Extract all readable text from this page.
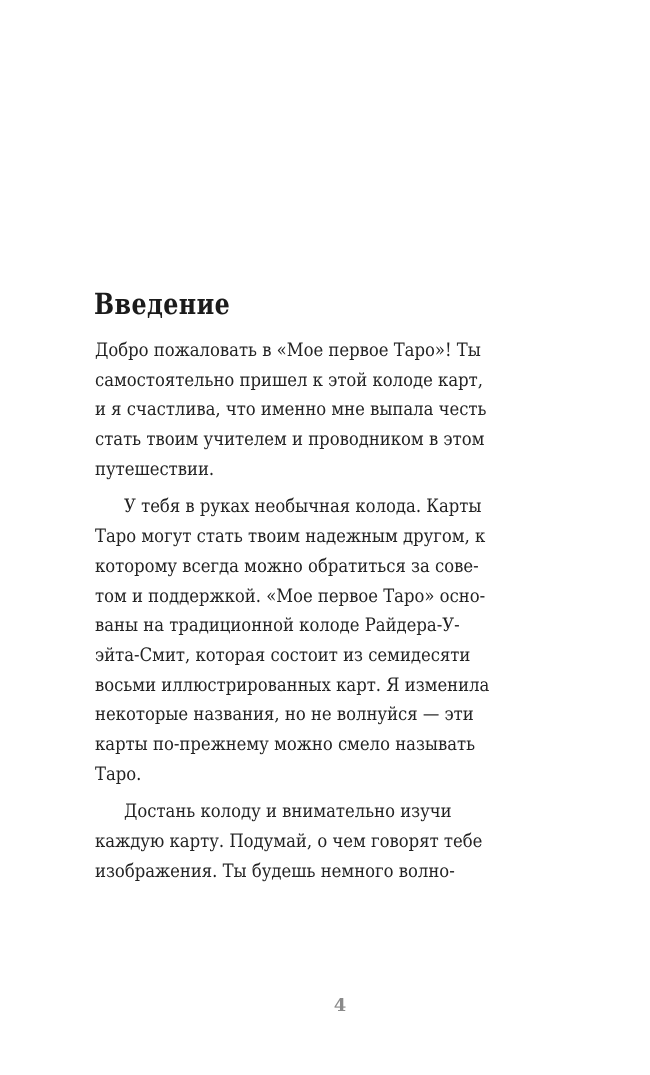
Введение

Добро пожаловать в «Мое первое Таро»! Ты
самостоятельно пришел к этой колоде карт,
и я счастлива, что именно мне выпала честь
стать твоим учителем и проводником в этом
путешествии.

У тебя в руках необычная колода. Карты
Таро могут стать твоим надежным другом, к
которому всегда можно обратиться за сове-
том и поддержкой. «Мое первое Таро» осно-
ваны на традиционной колоде Райдера-У-
эйта-Смит, которая состоит из семидесяти
восьми иллюстрированных карт. Я изменила
некоторые названия, но не волнуйся — эти
карты по-прежнему можно смело называть
Таро.

Достань колоду и внимательно изучи
каждую карту. Подумай, о чем говорят тебе
изображения. Ты будешь немного волно-

4
